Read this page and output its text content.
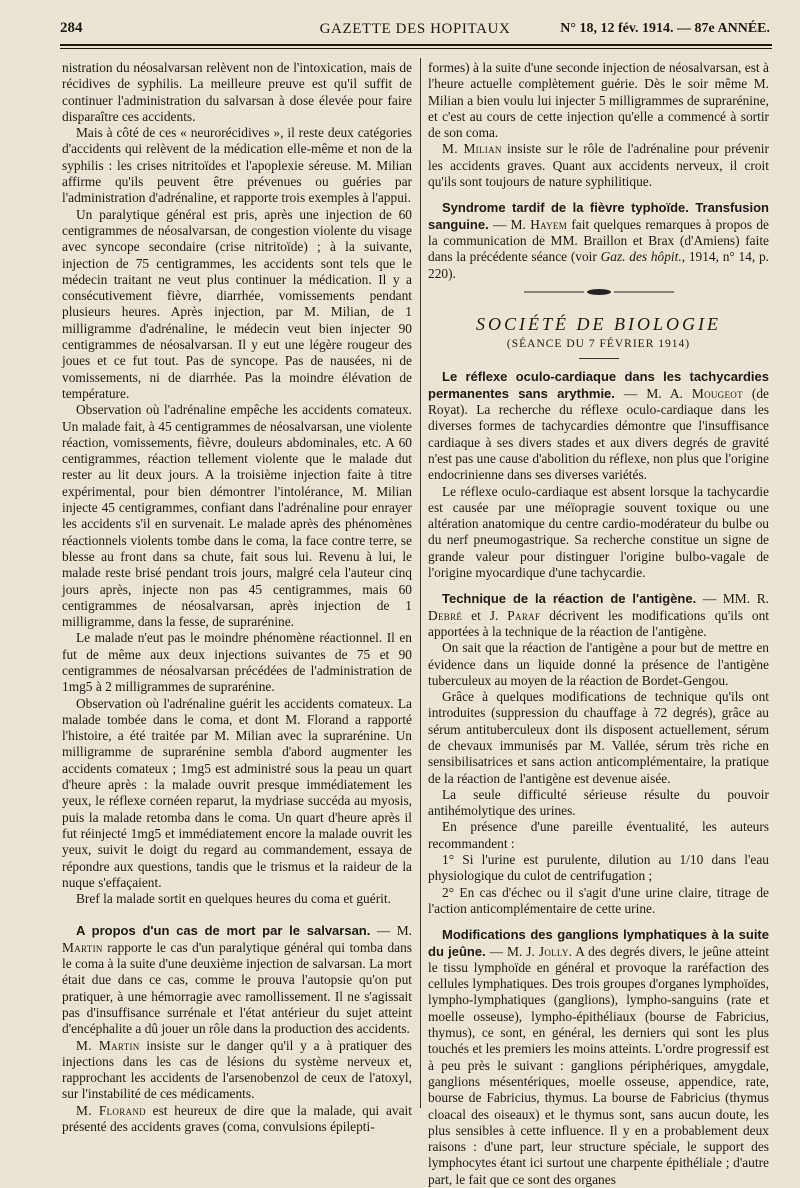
284	GAZETTE DES HOPITAUX	N° 18, 12 fév. 1914. — 87e ANNÉE.

nistration du néosalvarsan relèvent non de l'intoxication, mais de récidives de syphilis. La meilleure preuve est qu'il suffit de continuer l'administration du salvarsan à dose élevée pour faire disparaître ces accidents.

Mais à côté de ces « neurorécidives », il reste deux catégories d'accidents qui relèvent de la médication elle-même et non de la syphilis : les crises nitritoïdes et l'apoplexie séreuse. M. Milian affirme qu'ils peuvent être prévenues ou guéries par l'administration d'adrénaline, et rapporte trois exemples à l'appui.

Un paralytique général est pris, après une injection de 60 centigrammes de néosalvarsan, de congestion violente du visage avec syncope secondaire (crise nitritoïde) ; à la suivante, injection de 75 centigrammes, les accidents sont tels que le médecin traitant ne veut plus continuer la médication. Il y a consécutivement fièvre, diarrhée, vomissements pendant plusieurs heures. Après injection, par M. Milian, de 1 milligramme d'adrénaline, le médecin veut bien injecter 90 centigrammes de néosalvarsan. Il y eut une légère rougeur des joues et ce fut tout. Pas de syncope. Pas de nausées, ni de vomissements, ni de diarrhée. Pas la moindre élévation de température.

Observation où l'adrénaline empêche les accidents comateux. Un malade fait, à 45 centigrammes de néosalvarsan, une violente réaction, vomissements, fièvre, douleurs abdominales, etc. A 60 centigrammes, réaction tellement violente que le malade dut rester au lit deux jours. A la troisième injection faite à titre expérimental, pour bien démontrer l'intolérance, M. Milian injecte 45 centigrammes, confiant dans l'adrénaline pour enrayer les accidents s'il en survenait. Le malade après des phénomènes réactionnels violents tombe dans le coma, la face contre terre, se blesse au front dans sa chute, fait sous lui. Revenu à lui, le malade reste brisé pendant trois jours, malgré cela l'auteur cinq jours après, injecte non pas 45 centigrammes, mais 60 centigrammes de néosalvarsan, après injection de 1 milligramme, dans la fesse, de suprarénine.

Le malade n'eut pas le moindre phénomène réactionnel. Il en fut de même aux deux injections suivantes de 75 et 90 centigrammes de néosalvarsan précédées de l'administration de 1mg5 à 2 milligrammes de suprarénine.

Observation où l'adrénaline guérit les accidents comateux. La malade tombée dans le coma, et dont M. Florand a rapporté l'histoire, a été traitée par M. Milian avec la suprarénine. Un milligramme de suprarénine sembla d'abord augmenter les accidents comateux ; 1mg5 est administré sous la peau un quart d'heure après : la malade ouvrit presque immédiatement les yeux, le réflexe cornéen reparut, la mydriase succéda au myosis, puis la malade retomba dans le coma. Un quart d'heure après il fut réinjecté 1mg5 et immédiatement encore la malade ouvrit les yeux, suivit le doigt du regard au commandement, essaya de répondre aux questions, tandis que le trismus et la raideur de la nuque s'effaçaient.

Bref la malade sortit en quelques heures du coma et guérit.

A propos d'un cas de mort par le salvarsan. — M. Martin rapporte le cas d'un paralytique général qui tomba dans le coma à la suite d'une deuxième injection de salvarsan. La mort était due dans ce cas, comme le prouva l'autopsie qu'on put pratiquer, à une hémorragie avec ramollissement. Il ne s'agissait pas d'insuffisance surrénale et l'état antérieur du sujet atteint d'encéphalite a dû jouer un rôle dans la production des accidents.

M. Martin insiste sur le danger qu'il y a à pratiquer des injections dans les cas de lésions du système nerveux et, rapprochant les accidents de l'arsenobenzol de ceux de l'atoxyl, sur l'instabilité de ces médicaments.

M. Florand est heureux de dire que la malade, qui avait présenté des accidents graves (coma, convulsions épilepti-

formes) à la suite d'une seconde injection de néosalvarsan, est à l'heure actuelle complètement guérie. Dès le soir même M. Milian a bien voulu lui injecter 5 milligrammes de suprarénine, et c'est au cours de cette injection qu'elle a commencé à sortir de son coma.

M. Milian insiste sur le rôle de l'adrénaline pour prévenir les accidents graves. Quant aux accidents nerveux, il croit qu'ils sont toujours de nature syphilitique.

Syndrome tardif de la fièvre typhoïde. Transfusion sanguine. — M. Hayem fait quelques remarques à propos de la communication de MM. Braillon et Brax (d'Amiens) faite dans la précédente séance (voir Gaz. des hôpit., 1914, n° 14, p. 220).

SOCIÉTÉ DE BIOLOGIE
(SÉANCE DU 7 FÉVRIER 1914)

Le réflexe oculo-cardiaque dans les tachycardies permanentes sans arythmie. — M. A. Mougeot (de Royat). La recherche du réflexe oculo-cardiaque dans les diverses formes de tachycardies démontre que l'insuffisance cardiaque à ses divers stades et aux divers degrés de gravité n'est pas une cause d'abolition du réflexe, non plus que l'origine endocrinienne dans ses diverses variétés.

Le réflexe oculo-cardiaque est absent lorsque la tachycardie est causée par une méïopragie souvent toxique ou une altération anatomique du centre cardio-modérateur du bulbe ou du nerf pneumogastrique. Sa recherche constitue un signe de grande valeur pour distinguer l'origine bulbo-vagale de l'origine myocardique d'une tachycardie.

Technique de la réaction de l'antigène. — MM. R. Debré et J. Paraf décrivent les modifications qu'ils ont apportées à la technique de la réaction de l'antigène.

On sait que la réaction de l'antigène a pour but de mettre en évidence dans un liquide donné la présence de l'antigène tuberculeux au moyen de la réaction de Bordet-Gengou.

Grâce à quelques modifications de technique qu'ils ont introduites (suppression du chauffage à 72 degrés), grâce au sérum antituberculeux dont ils disposent actuellement, sérum de chevaux immunisés par M. Vallée, sérum très riche en sensibilisatrices et sans action anticomplémentaire, la pratique de la réaction de l'antigène est devenue aisée.

La seule difficulté sérieuse résulte du pouvoir antihémolytique des urines.

En présence d'une pareille éventualité, les auteurs recommandent :

1° Si l'urine est purulente, dilution au 1/10 dans l'eau physiologique du culot de centrifugation ;

2° En cas d'échec ou il s'agit d'une urine claire, titrage de l'action anticomplémentaire de cette urine.

Modifications des ganglions lymphatiques à la suite du jeûne. — M. J. Jolly. A des degrés divers, le jeûne atteint le tissu lymphoïde en général et provoque la raréfaction des cellules lymphatiques. Des trois groupes d'organes lymphoïdes, lympho-lymphatiques (ganglions), lympho-sanguins (rate et moelle osseuse), lympho-épithéliaux (bourse de Fabricius, thymus), ce sont, en général, les derniers qui sont les plus touchés et les premiers les moins atteints. L'ordre progressif est à peu près le suivant : ganglions périphériques, amygdale, ganglions mésentériques, moelle osseuse, appendice, rate, bourse de Fabricius, thymus. La bourse de Fabricius (thymus cloacal des oiseaux) et le thymus sont, sans aucun doute, les plus sensibles à cette influence. Il y en a probablement deux raisons : d'une part, leur structure spéciale, le support des lymphocytes étant ici surtout une charpente épithéliale ; d'autre part, le fait que ce sont des organes
